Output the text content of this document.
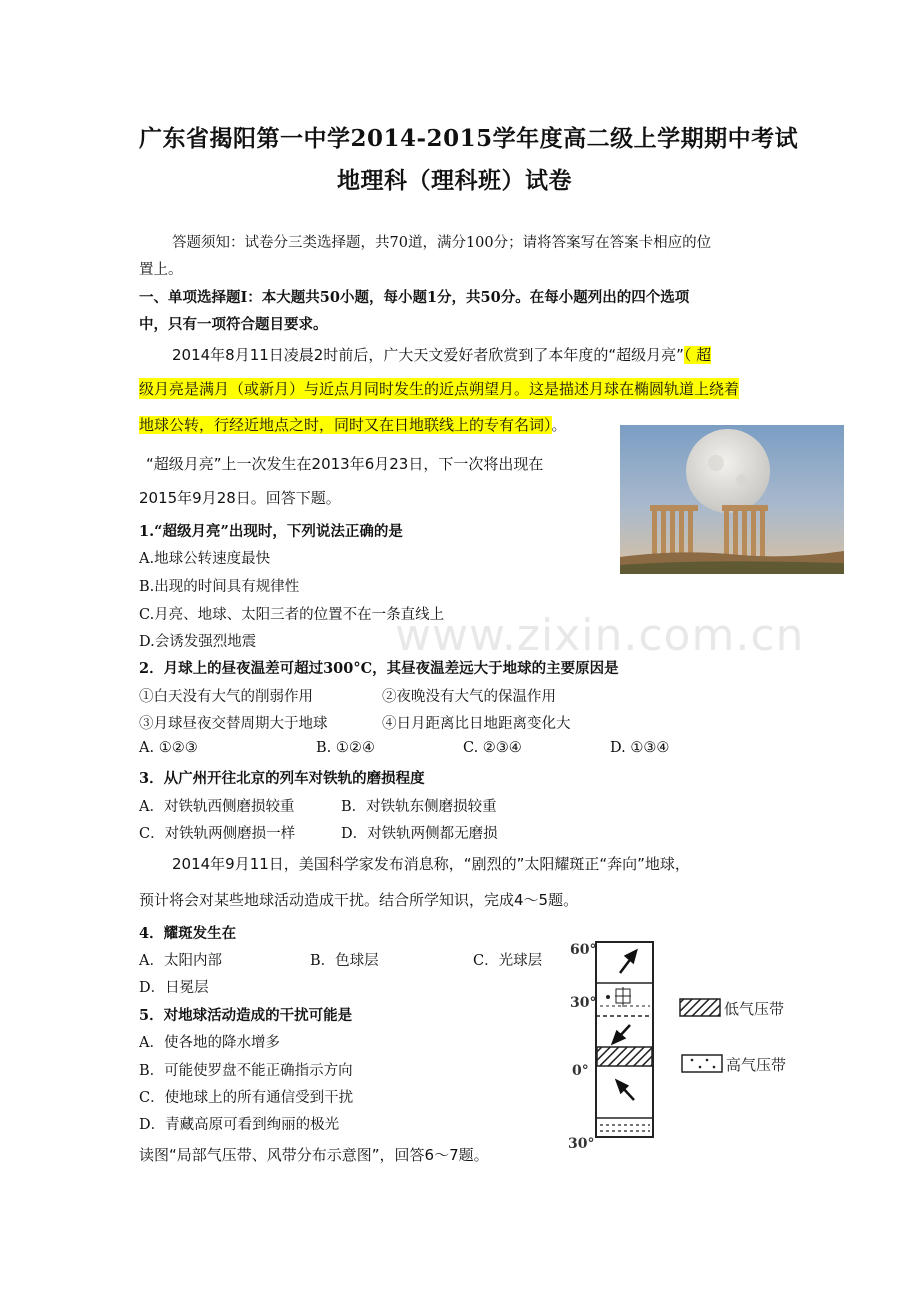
广东省揭阳第一中学2014-2015学年度高二级上学期期中考试
地理科（理科班）试卷
答题须知：试卷分三类选择题，共70道，满分100分；请将答案写在答案卡相应的位
置上。
一、单项选择题Ⅰ：本大题共50小题，每小题1分，共50分。在每小题列出的四个选项
中，只有一项符合题目要求。
2014年8月11日凌晨2时前后，广大天文爱好者欣赏到了本年度的“超级月亮”（ 超
级月亮是满月（或新月）与近点月同时发生的近点朔望月。这是描述月球在椭圆轨道上绕着
地球公转，行经近地点之时，同时又在日地联线上的专有名词）。
“超级月亮”上一次发生在2013年6月23日，下一次将出现在
2015年9月28日。回答下题。
1.“超级月亮”出现时，下列说法正确的是
A.地球公转速度最快
B.出现的时间具有规律性
C.月亮、地球、太阳三者的位置不在一条直线上
D.会诱发强烈地震	www.zixin.com.cn
2．月球上的昼夜温差可超过300°C，其昼夜温差远大于地球的主要原因是
①白天没有大气的削弱作用	②夜晚没有大气的保温作用
③月球昼夜交替周期大于地球	④日月距离比日地距离变化大
A. ①②③	B. ①②④	C. ②③④	D. ①③④
3．从广州开往北京的列车对铁轨的磨损程度
A．对铁轨西侧磨损较重	B．对铁轨东侧磨损较重
C．对铁轨两侧磨损一样	D．对铁轨两侧都无磨损
2014年9月11日，美国科学家发布消息称，“剧烈的”太阳耀斑正“奔向”地球，
预计将会对某些地球活动造成干扰。结合所学知识，完成4～5题。
4．耀斑发生在
A．太阳内部	B．色球层	C．光球层
D．日冕层
5．对地球活动造成的干扰可能是
A．使各地的降水增多
B．可能使罗盘不能正确指示方向
C．使地球上的所有通信受到干扰
D．青藏高原可看到绚丽的极光
读图“局部气压带、风带分布示意图”，回答6～7题。
60°
30°
0°
30°
低气压带
高气压带
